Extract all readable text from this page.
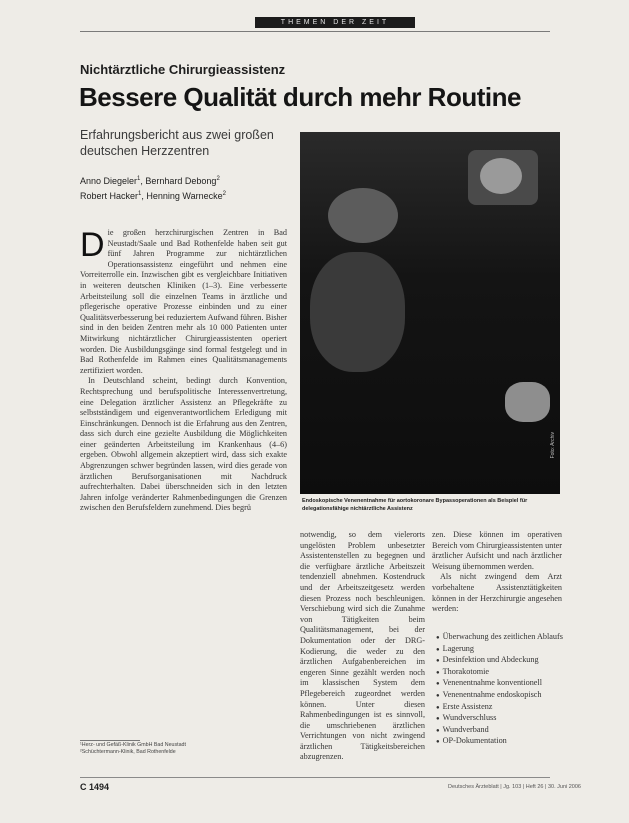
THEMEN DER ZEIT
Nichtärztliche Chirurgieassistenz
Bessere Qualität durch mehr Routine
Erfahrungsbericht aus zwei großen deutschen Herzzentren
Anno Diegeler$^1$, Bernhard Debong$^2$
Robert Hacker$^1$, Henning Warnecke$^2$
Foto: Archiv
Endoskopische Venenentnahme für aortokoronare Bypassoperationen als Beispiel für delegationsfähige nichtärztliche Assistenz

Die großen herzchirurgischen Zentren in Bad Neustadt/Saale und Bad Rothenfelde haben seit gut fünf Jahren Programme zur nichtärztlichen Operationsassistenz eingeführt und nehmen eine Vorreiterrolle ein. Inzwischen gibt es vergleichbare Initiativen in weiteren deutschen Kliniken (1–3). Eine verbesserte Arbeitsteilung soll die einzelnen Teams in ärztliche und pflegerische operative Prozesse einbinden und zu einer Qualitätsverbesserung bei reduziertem Aufwand führen. Bisher sind in den beiden Zentren mehr als 10 000 Patienten unter Mitwirkung nichtärztlicher Chirurgieassistenten operiert worden. Die Ausbildungsgänge sind formal festgelegt und in Bad Rothenfelde im Rahmen eines Qualitätsmanagements zertifiziert worden.

In Deutschland scheint, bedingt durch Konvention, Rechtsprechung und berufspolitische Interessenvertretung, eine Delegation ärztlicher Assistenz an Pflegekräfte zu selbstständigem und eigenverantwortlichem Erledigung mit Einschränkungen. Dennoch ist die Erfahrung aus den Zentren, dass sich durch eine gezielte Ausbildung die Möglichkeiten einer geänderten Arbeitsteilung im Krankenhaus (4–6) ergeben. Obwohl allgemein akzeptiert wird, dass sich exakte Abgrenzungen schwer begründen lassen, wird dies gerade von ärztlichen Berufsorganisationen mit Nachdruck aufrechterhalten. Dabei überschneiden sich in den letzten Jahren infolge veränderter Rahmenbedingungen die Grenzen zwischen den Berufsfeldern zunehmend. Dies begrü

notwendig, so dem vielerorts ungelösten Problem unbesetzter Assistentenstellen zu begegnen und die verfügbare ärztliche Arbeitszeit tendenziell abnehmen. Kostendruck und der Arbeitszeitgesetz werden diesen Prozess noch beschleunigen. Verschiebung wird sich die Zunahme von Tätigkeiten beim Qualitätsmanagement, bei der Dokumentation oder der DRG-Kodierung, die weder zu den ärztlichen Aufgabenbereichen im engeren Sinne gezählt werden noch im klassischen System dem Pflegebereich zugeordnet werden können. Unter diesen Rahmenbedingungen ist es sinnvoll, die umschriebenen ärztlichen Verrichtungen von nicht zwingend ärztlichen Tätigkeitsbereichen abzugrenzen.

zen. Diese können im operativen Bereich vom Chirurgieassistenten unter ärztlicher Aufsicht und nach ärztlicher Weisung übernommen werden.

Als nicht zwingend dem Arzt vorbehaltene Assistenztätigkeiten können in der Herzchirurgie angesehen werden:

● Überwachung des zeitlichen Ablaufs
● Lagerung
● Desinfektion und Abdeckung
● Thorakotomie
● Venenentnahme konventionell
● Venenentnahme endoskopisch
● Erste Assistenz
● Wundverschluss
● Wundverband
● OP-Dokumentation
¹Herz- und Gefäß-Klinik GmbH Bad Neustadt
²Schüchtermann-Klinik, Bad Rothenfelde
C 1494	Deutsches Ärzteblatt | Jg. 103 | Heft 26 | 30. Juni 2006
